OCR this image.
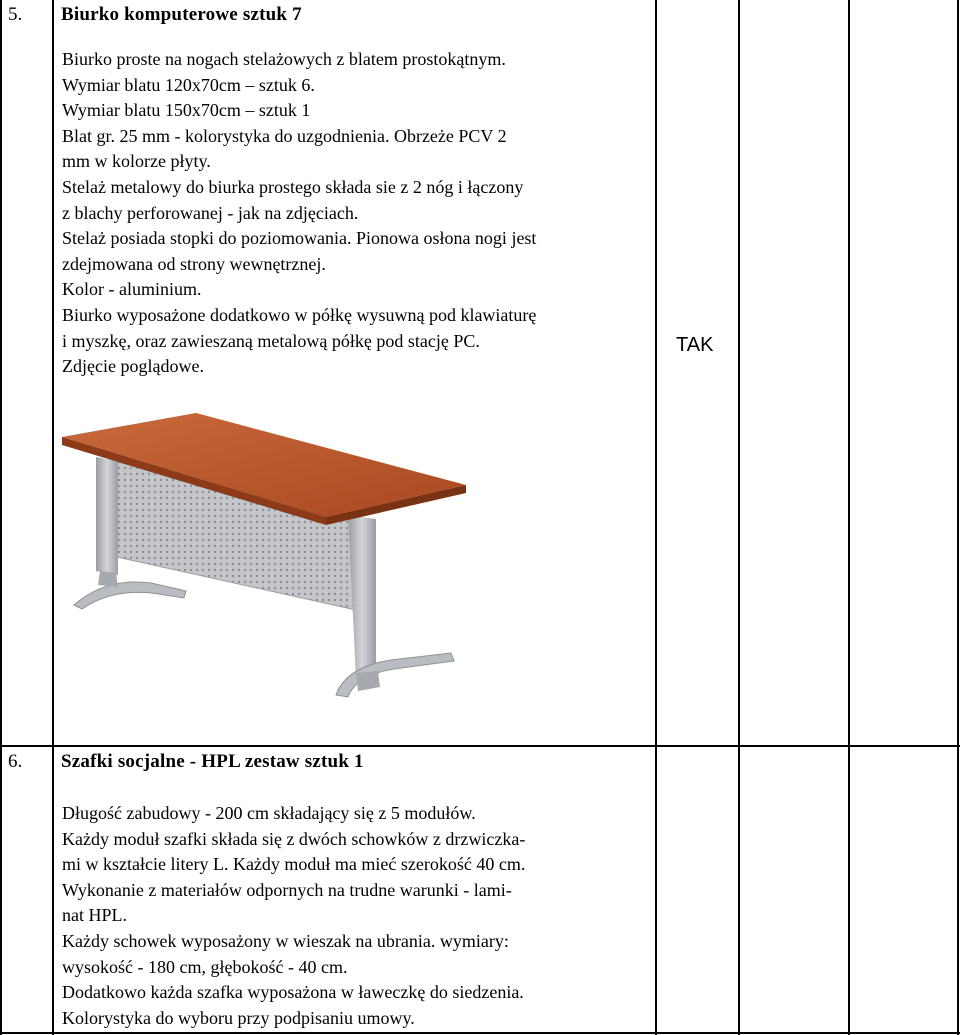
5. Biurko komputerowe sztuk 7
Biurko proste na nogach stelażowych z blatem prostokątnym.
Wymiar blatu 120x70cm – sztuk 6.
Wymiar blatu 150x70cm – sztuk 1
Blat gr. 25 mm - kolorystyka do uzgodnienia. Obrzeże PCV 2
mm w kolorze płyty.
Stelaż metalowy do biurka prostego składa sie z 2 nóg i łączony
z blachy perforowanej - jak na zdjęciach.
Stelaż posiada stopki do poziomowania. Pionowa osłona nogi jest
zdejmowana od strony wewnętrznej.
Kolor - aluminium.
Biurko wyposażone dodatkowo w półkę wysuwną pod klawiaturę
i myszkę, oraz zawieszaną metalową półkę pod stację PC.
Zdjęcie poglądowe.
TAK
6. Szafki socjalne - HPL zestaw sztuk 1
Długość zabudowy - 200 cm składający się z 5 modułów.
Każdy moduł szafki składa się z dwóch schowków z drzwiczka-
mi w kształcie litery L. Każdy moduł ma mieć szerokość 40 cm.
Wykonanie z materiałów odpornych na trudne warunki - lami-
nat HPL.
Każdy schowek wyposażony w wieszak na ubrania. wymiary:
wysokość - 180 cm, głębokość - 40 cm.
Dodatkowo każda szafka wyposażona w ławeczkę do siedzenia.
Kolorystyka do wyboru przy podpisaniu umowy.
